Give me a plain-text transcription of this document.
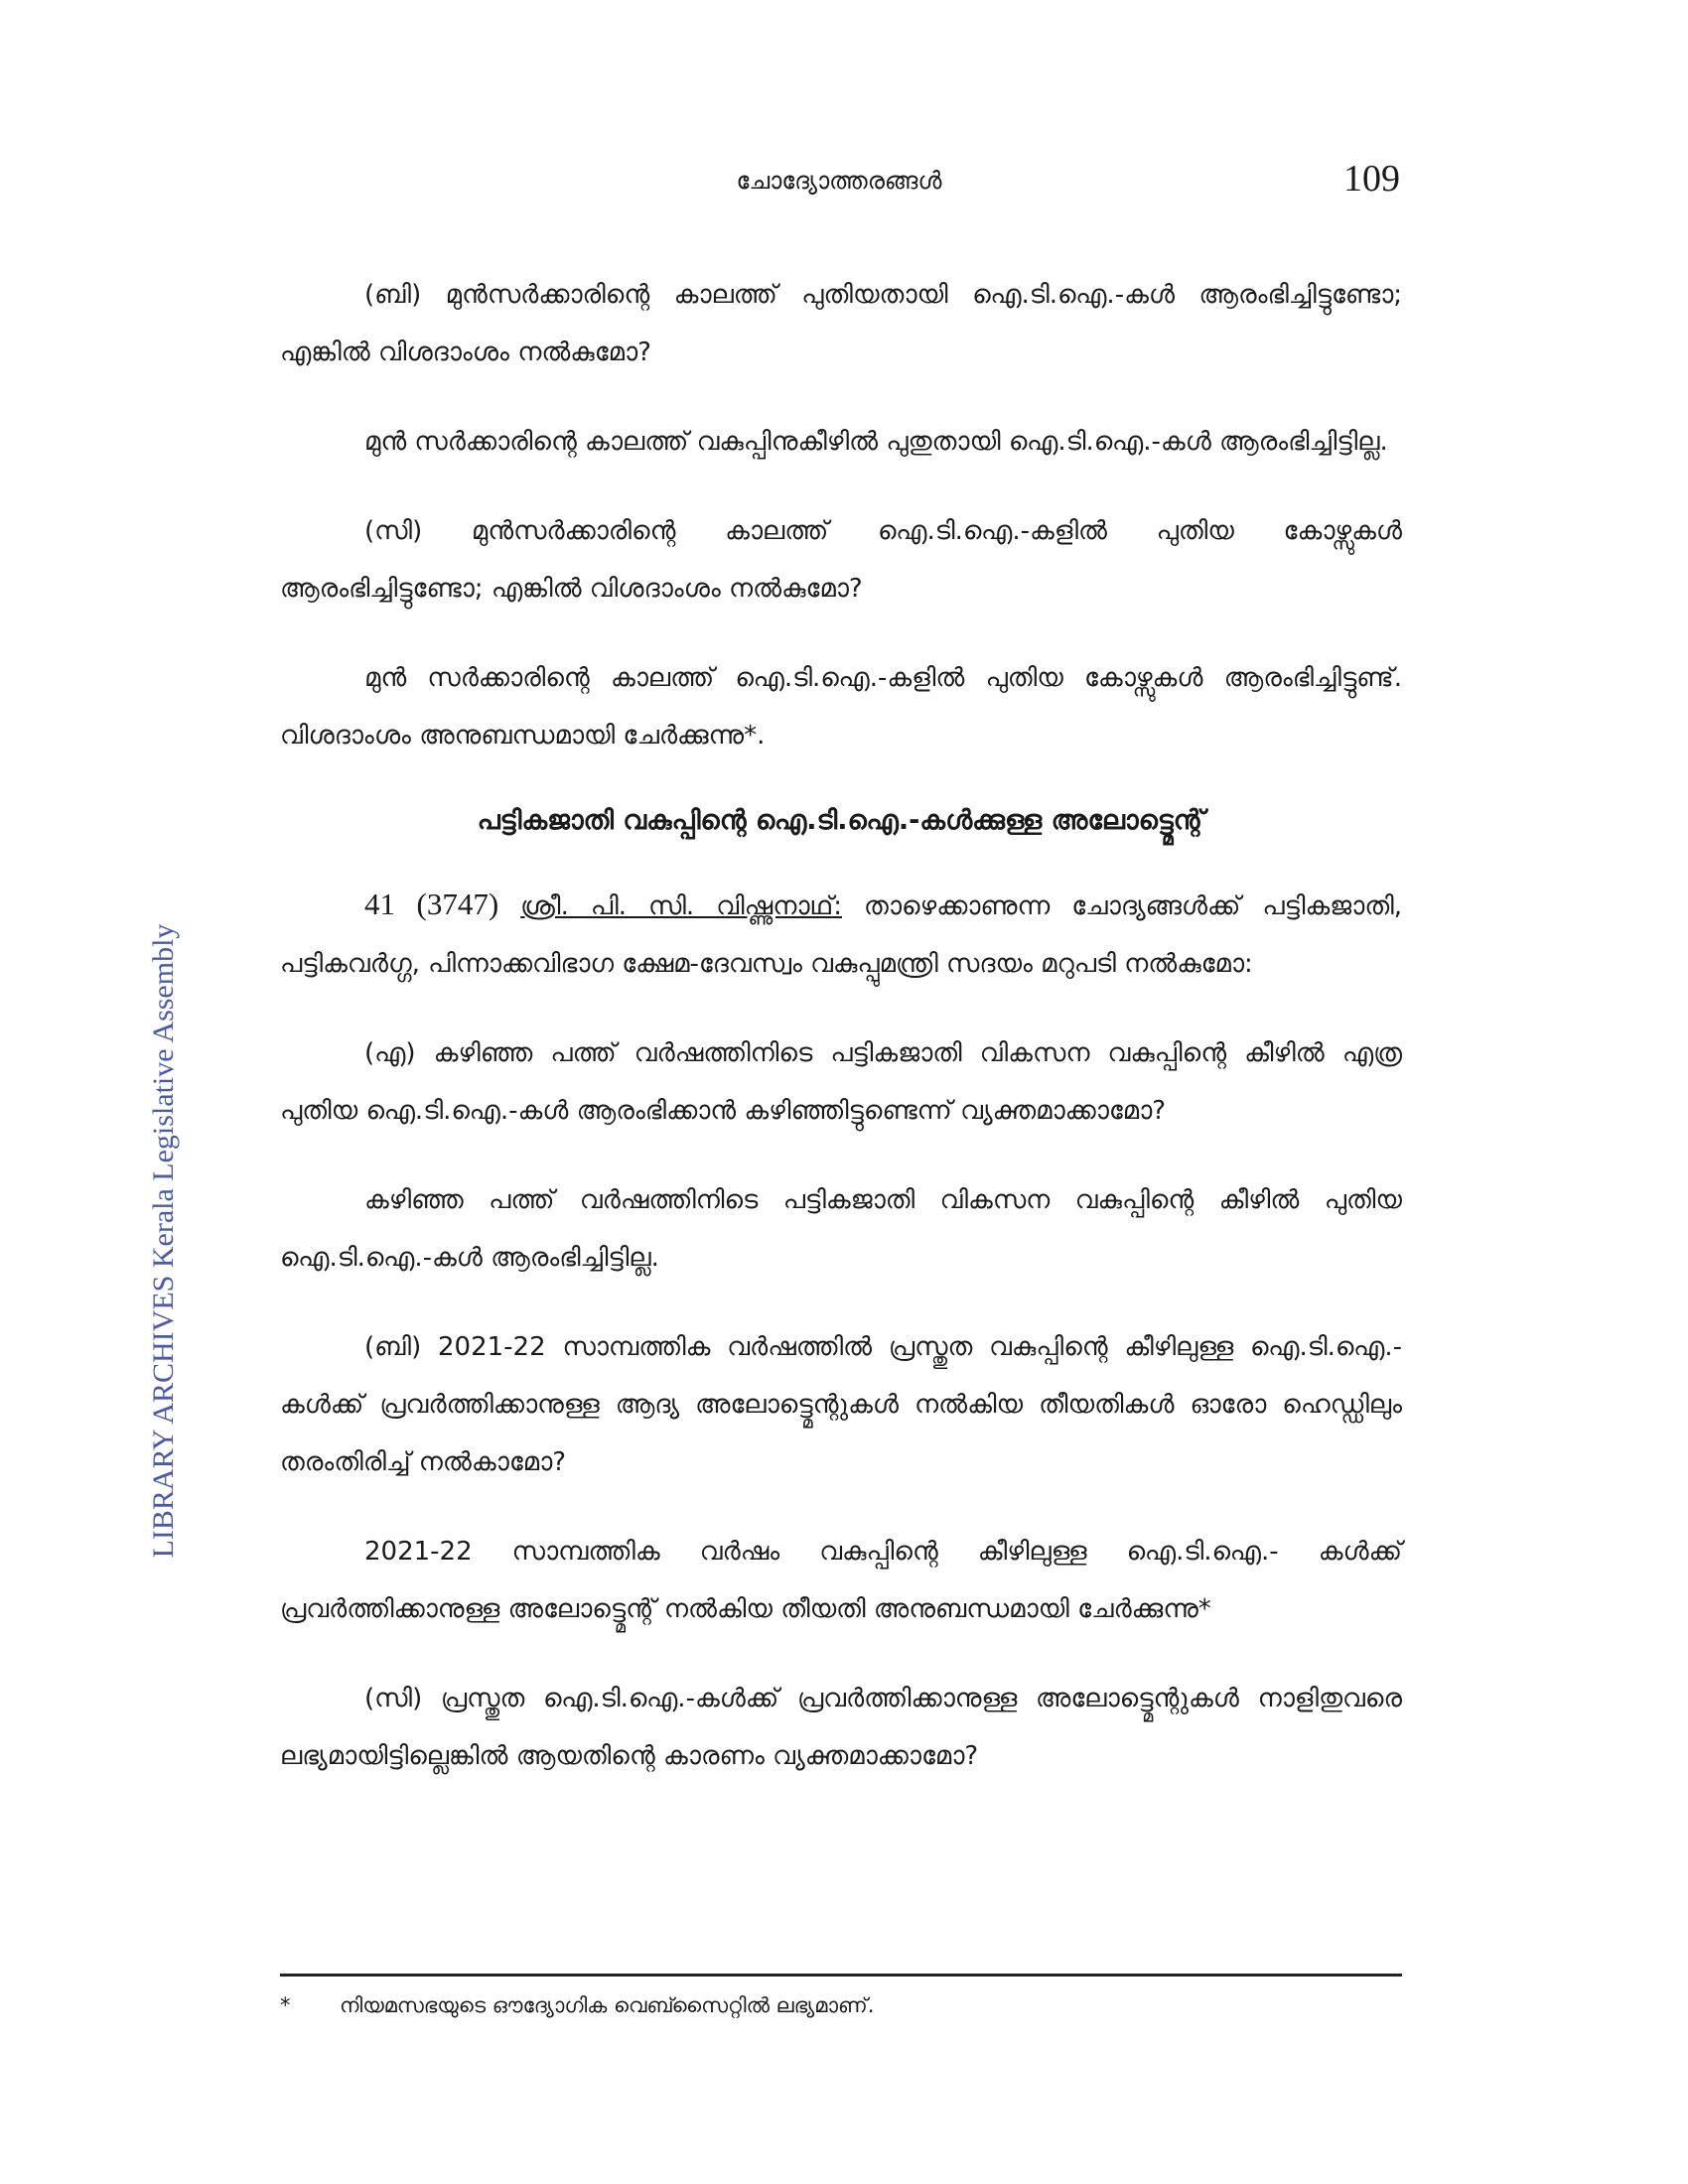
ചോദ്യോത്തരങ്ങൾ	109
LIBRARY ARCHIVES Kerala Legislative Assembly

(ബി) മുൻസർക്കാരിന്റെ കാലത്ത് പുതിയതായി ഐ.ടി.ഐ.-കൾ ആരംഭിച്ചിട്ടുണ്ടോ; എങ്കിൽ വിശദാംശം നൽകുമോ?

മുൻ സർക്കാരിന്റെ കാലത്ത് വകുപ്പിനുകീഴിൽ പുതുതായി ഐ.ടി.ഐ.-കൾ ആരംഭിച്ചിട്ടില്ല.

(സി) മുൻസർക്കാരിന്റെ കാലത്ത് ഐ.ടി.ഐ.-കളിൽ പുതിയ കോഴ്സുകൾ ആരംഭിച്ചിട്ടുണ്ടോ; എങ്കിൽ വിശദാംശം നൽകുമോ?

മുൻ സർക്കാരിന്റെ കാലത്ത് ഐ.ടി.ഐ.-കളിൽ പുതിയ കോഴ്സുകൾ ആരംഭിച്ചിട്ടുണ്ട്. വിശദാംശം അനുബന്ധമായി ചേർക്കുന്നു*.

പട്ടികജാതി വകുപ്പിന്റെ ഐ.ടി.ഐ.-കൾക്കുള്ള അലോട്ട്മെന്റ്

41 (3747) ശ്രീ. പി. സി. വിഷ്ണുനാഥ്: താഴെക്കാണുന്ന ചോദ്യങ്ങൾക്ക് പട്ടികജാതി, പട്ടികവർഗ്ഗ, പിന്നാക്കവിഭാഗ ക്ഷേമ-ദേവസ്വം വകുപ്പുമന്ത്രി സദയം മറുപടി നൽകുമോ:

(എ) കഴിഞ്ഞ പത്ത് വർഷത്തിനിടെ പട്ടികജാതി വികസന വകുപ്പിന്റെ കീഴിൽ എത്ര പുതിയ ഐ.ടി.ഐ.-കൾ ആരംഭിക്കാൻ കഴിഞ്ഞിട്ടുണ്ടെന്ന് വ്യക്തമാക്കാമോ?

കഴിഞ്ഞ പത്ത് വർഷത്തിനിടെ പട്ടികജാതി വികസന വകുപ്പിന്റെ കീഴിൽ പുതിയ ഐ.ടി.ഐ.-കൾ ആരംഭിച്ചിട്ടില്ല.

(ബി) 2021-22 സാമ്പത്തിക വർഷത്തിൽ പ്രസ്തുത വകുപ്പിന്റെ കീഴിലുള്ള ഐ.ടി.ഐ.-കൾക്ക് പ്രവർത്തിക്കാനുള്ള ആദ്യ അലോട്ട്മെന്റുകൾ നൽകിയ തീയതികൾ ഓരോ ഹെഡ്ഡിലും തരംതിരിച്ച് നൽകാമോ?

2021-22 സാമ്പത്തിക വർഷം വകുപ്പിന്റെ കീഴിലുള്ള ഐ.ടി.ഐ.- കൾക്ക് പ്രവർത്തിക്കാനുള്ള അലോട്ട്മെന്റ് നൽകിയ തീയതി അനുബന്ധമായി ചേർക്കുന്നു*

(സി) പ്രസ്തുത ഐ.ടി.ഐ.-കൾക്ക് പ്രവർത്തിക്കാനുള്ള അലോട്ട്മെന്റുകൾ നാളിതുവരെ ലഭ്യമായിട്ടില്ലെങ്കിൽ ആയതിന്റെ കാരണം വ്യക്തമാക്കാമോ?

* നിയമസഭയുടെ ഔദ്യോഗിക വെബ്സൈറ്റിൽ ലഭ്യമാണ്.
